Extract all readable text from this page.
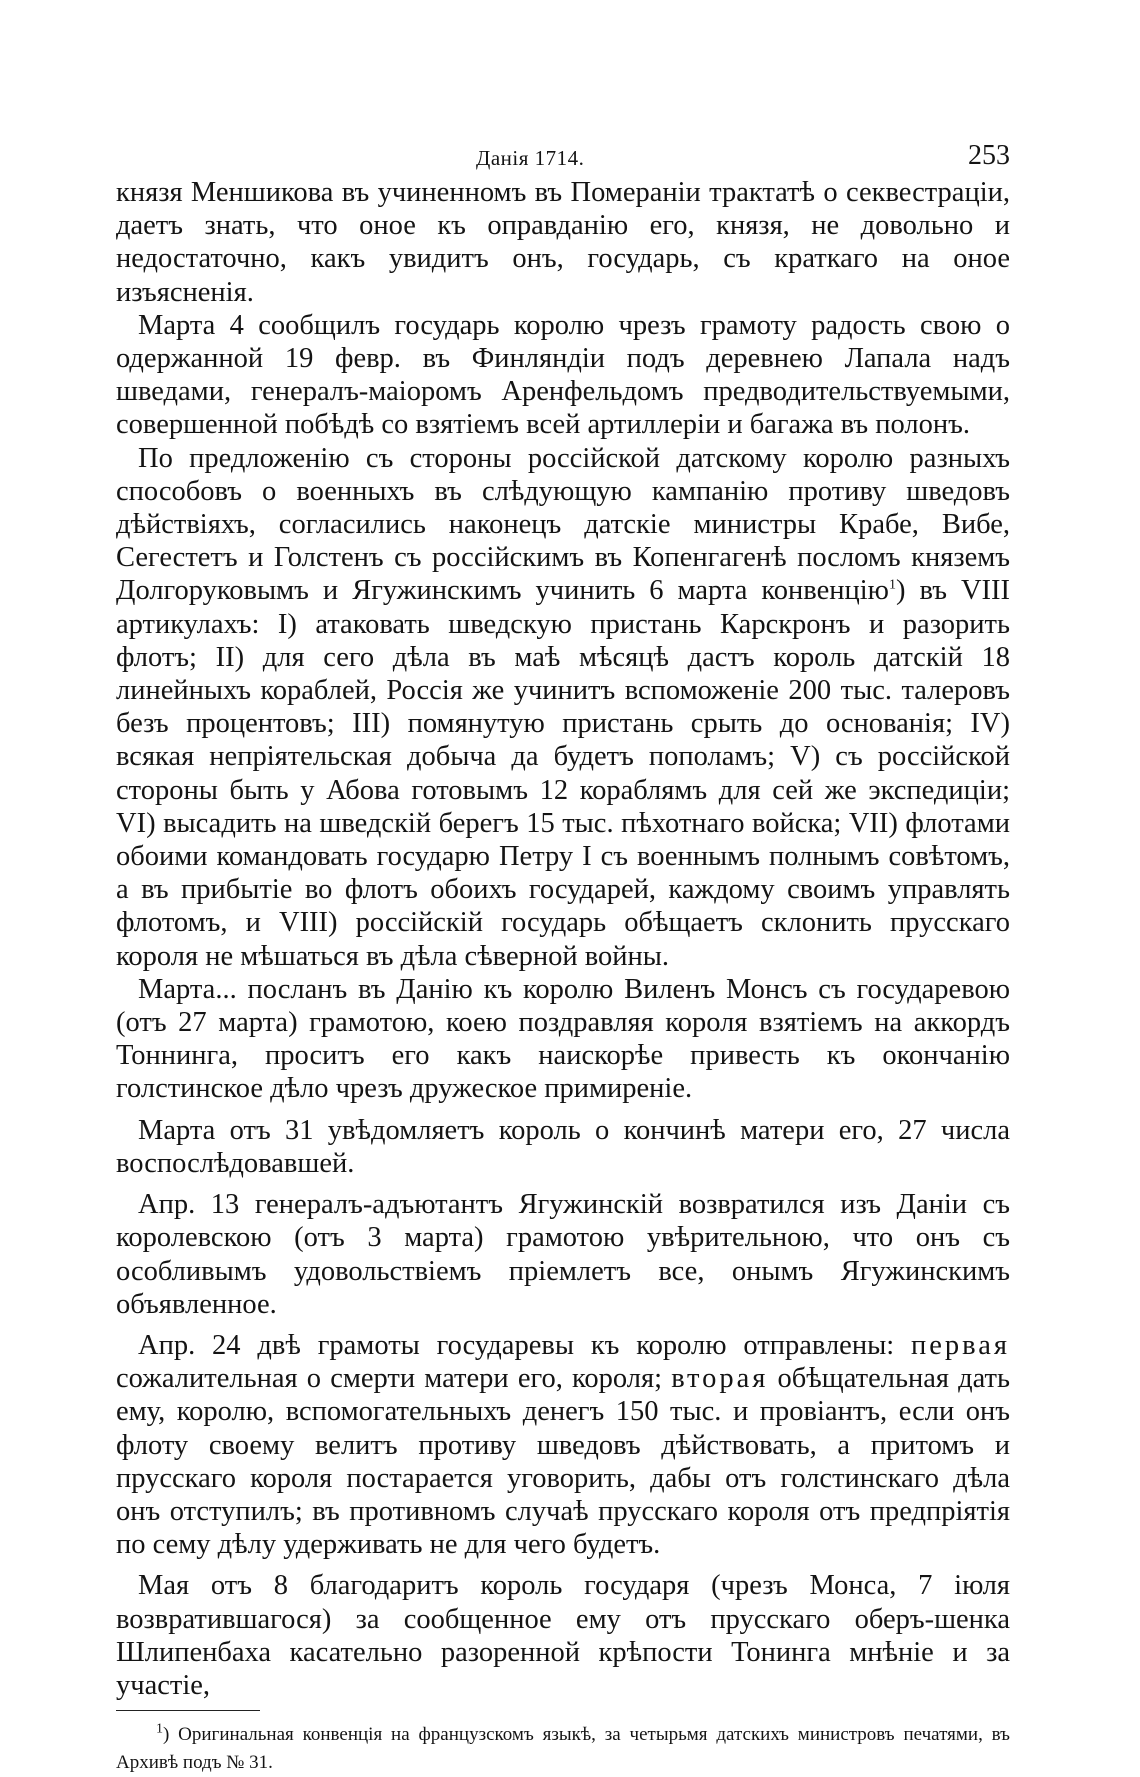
Данія 1714.	253

князя Меншикова въ учиненномъ въ Помераніи трактатѣ о секвестраціи, даетъ знать, что оное къ оправданію его, князя, не довольно и недостаточно, какъ увидитъ онъ, государь, съ краткаго на оное изъясненія.

Марта 4 сообщилъ государь королю чрезъ грамоту радость свою о одержанной 19 февр. въ Финляндіи подъ деревнею Лапала надъ шведами, генералъ-маіоромъ Аренфельдомъ предводительствуемыми, совершенной побѣдѣ со взятіемъ всей артиллеріи и багажа въ полонъ.

По предложенію съ стороны россійской датскому королю разныхъ способовъ о военныхъ въ слѣдующую кампанію противу шведовъ дѣйствіяхъ, согласились наконецъ датскіе министры Крабе, Вибе, Сегестетъ и Голстенъ съ россійскимъ въ Копенгагенѣ посломъ княземъ Долгоруковымъ и Ягужинскимъ учинить 6 марта конвенцію$^1$) въ VIII артикулахъ: I) атаковать шведскую пристань Карскронъ и разорить флотъ; II) для сего дѣла въ маѣ мѣсяцѣ дастъ король датскій 18 линейныхъ кораблей, Россія же учинитъ вспоможеніе 200 тыс. талеровъ безъ процентовъ; III) помянутую пристань срыть до основанія; IV) всякая непріятельская добыча да будетъ пополамъ; V) съ россійской стороны быть у Абова готовымъ 12 кораблямъ для сей же экспедиціи; VI) высадить на шведскій берегъ 15 тыс. пѣхотнаго войска; VII) флотами обоими командовать государю Петру I съ военнымъ полнымъ совѣтомъ, а въ прибытіе во флотъ обоихъ государей, каждому своимъ управлять флотомъ, и VIII) россійскій государь обѣщаетъ склонить прусскаго короля не мѣшаться въ дѣла сѣверной войны.

Марта... посланъ въ Данію къ королю Виленъ Монсъ съ государевою (отъ 27 марта) грамотою, коею поздравляя короля взятіемъ на аккордъ Тоннинга, проситъ его какъ наискорѣе привесть къ окончанію голстинское дѣло чрезъ дружеское примиреніе.

Марта отъ 31 увѣдомляетъ король о кончинѣ матери его, 27 числа воспослѣдовавшей.

Апр. 13 генералъ-адъютантъ Ягужинскій возвратился изъ Даніи съ королевскою (отъ 3 марта) грамотою увѣрительною, что онъ съ особливымъ удовольствіемъ пріемлетъ все, онымъ Ягужинскимъ объявленное.

Апр. 24 двѣ грамоты государевы къ королю отправлены: первая сожалительная о смерти матери его, короля; вторая обѣщательная дать ему, королю, вспомогательныхъ денегъ 150 тыс. и провіантъ, если онъ флоту своему велитъ противу шведовъ дѣйствовать, а притомъ и прусскаго короля постарается уговорить, дабы отъ голстинскаго дѣла онъ отступилъ; въ противномъ случаѣ прусскаго короля отъ предпріятія по сему дѣлу удерживать не для чего будетъ.

Мая отъ 8 благодаритъ король государя (чрезъ Монса, 7 іюля возвратившагося) за сообщенное ему отъ прусскаго оберъ-шенка Шлипенбаха касательно разоренной крѣпости Тонинга мнѣніе и за участіе,

$^1$) Оригинальная конвенція на французскомъ языкѣ, за четырьмя датскихъ министровъ печатями, въ Архивѣ подъ № 31.
